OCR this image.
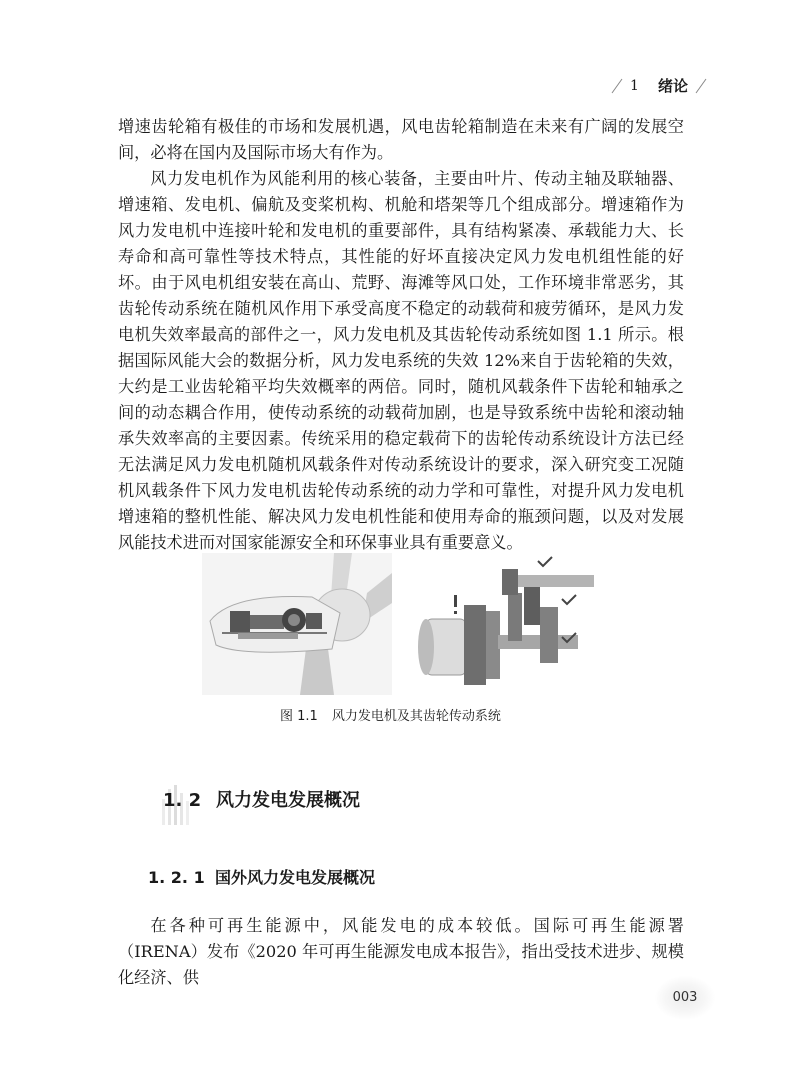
1 绪论

增速齿轮箱有极佳的市场和发展机遇，风电齿轮箱制造在未来有广阔的发展空间，必将在国内及国际市场大有作为。

风力发电机作为风能利用的核心装备，主要由叶片、传动主轴及联轴器、增速箱、发电机、偏航及变桨机构、机舱和塔架等几个组成部分。增速箱作为风力发电机中连接叶轮和发电机的重要部件，具有结构紧凑、承载能力大、长寿命和高可靠性等技术特点，其性能的好坏直接决定风力发电机组性能的好坏。由于风电机组安装在高山、荒野、海滩等风口处，工作环境非常恶劣，其齿轮传动系统在随机风作用下承受高度不稳定的动载荷和疲劳循环，是风力发电机失效率最高的部件之一，风力发电机及其齿轮传动系统如图 1.1 所示。根据国际风能大会的数据分析，风力发电系统的失效 12%来自于齿轮箱的失效，大约是工业齿轮箱平均失效概率的两倍。同时，随机风载条件下齿轮和轴承之间的动态耦合作用，使传动系统的动载荷加剧，也是导致系统中齿轮和滚动轴承失效率高的主要因素。传统采用的稳定载荷下的齿轮传动系统设计方法已经无法满足风力发电机随机风载条件对传动系统设计的要求，深入研究变工况随机风载条件下风力发电机齿轮传动系统的动力学和可靠性，对提升风力发电机增速箱的整机性能、解决风力发电机性能和使用寿命的瓶颈问题，以及对发展风能技术进而对国家能源安全和环保事业具有重要意义。

图 1.1 风力发电机及其齿轮传动系统
1. 2 风力发电发展概况
1. 2. 1 国外风力发电发展概况

在各种可再生能源中，风能发电的成本较低。国际可再生能源署（IRENA）发布《2020 年可再生能源发电成本报告》，指出受技术进步、规模化经济、供

003
